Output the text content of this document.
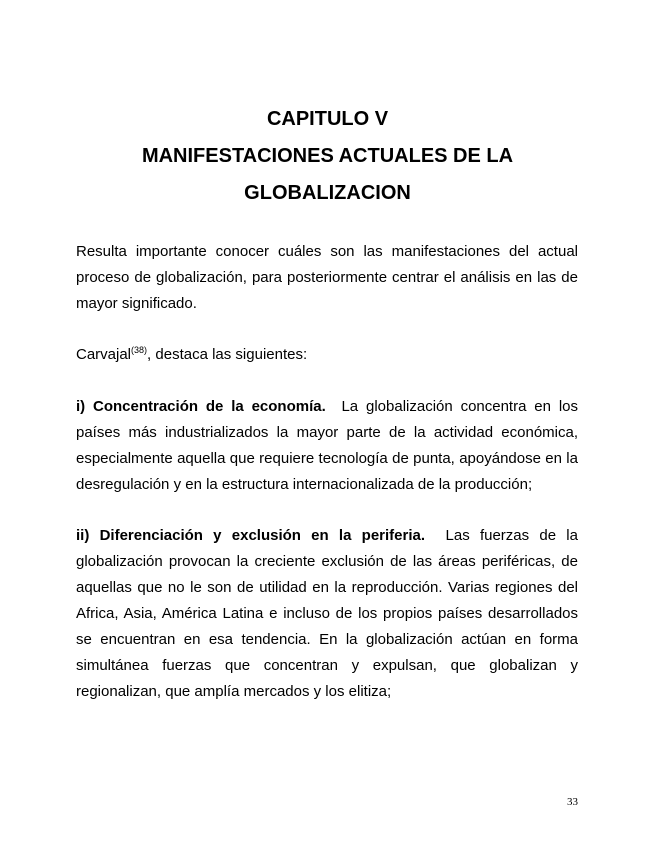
CAPITULO V
MANIFESTACIONES ACTUALES DE LA
GLOBALIZACION

Resulta importante conocer cuáles son las manifestaciones del actual proceso de globalización, para posteriormente centrar el análisis en las de mayor significado.

Carvajal$^{(38)}$, destaca las siguientes:

i) Concentración de la economía. La globalización concentra en los países más industrializados la mayor parte de la actividad económica, especialmente aquella que requiere tecnología de punta, apoyándose en la desregulación y en la estructura internacionalizada de la producción;

ii) Diferenciación y exclusión en la periferia. Las fuerzas de la globalización provocan la creciente exclusión de las áreas periféricas, de aquellas que no le son de utilidad en la reproducción. Varias regiones del Africa, Asia, América Latina e incluso de los propios países desarrollados se encuentran en esa tendencia. En la globalización actúan en forma simultánea fuerzas que concentran y expulsan, que globalizan y regionalizan, que amplía mercados y los elitiza;

33
